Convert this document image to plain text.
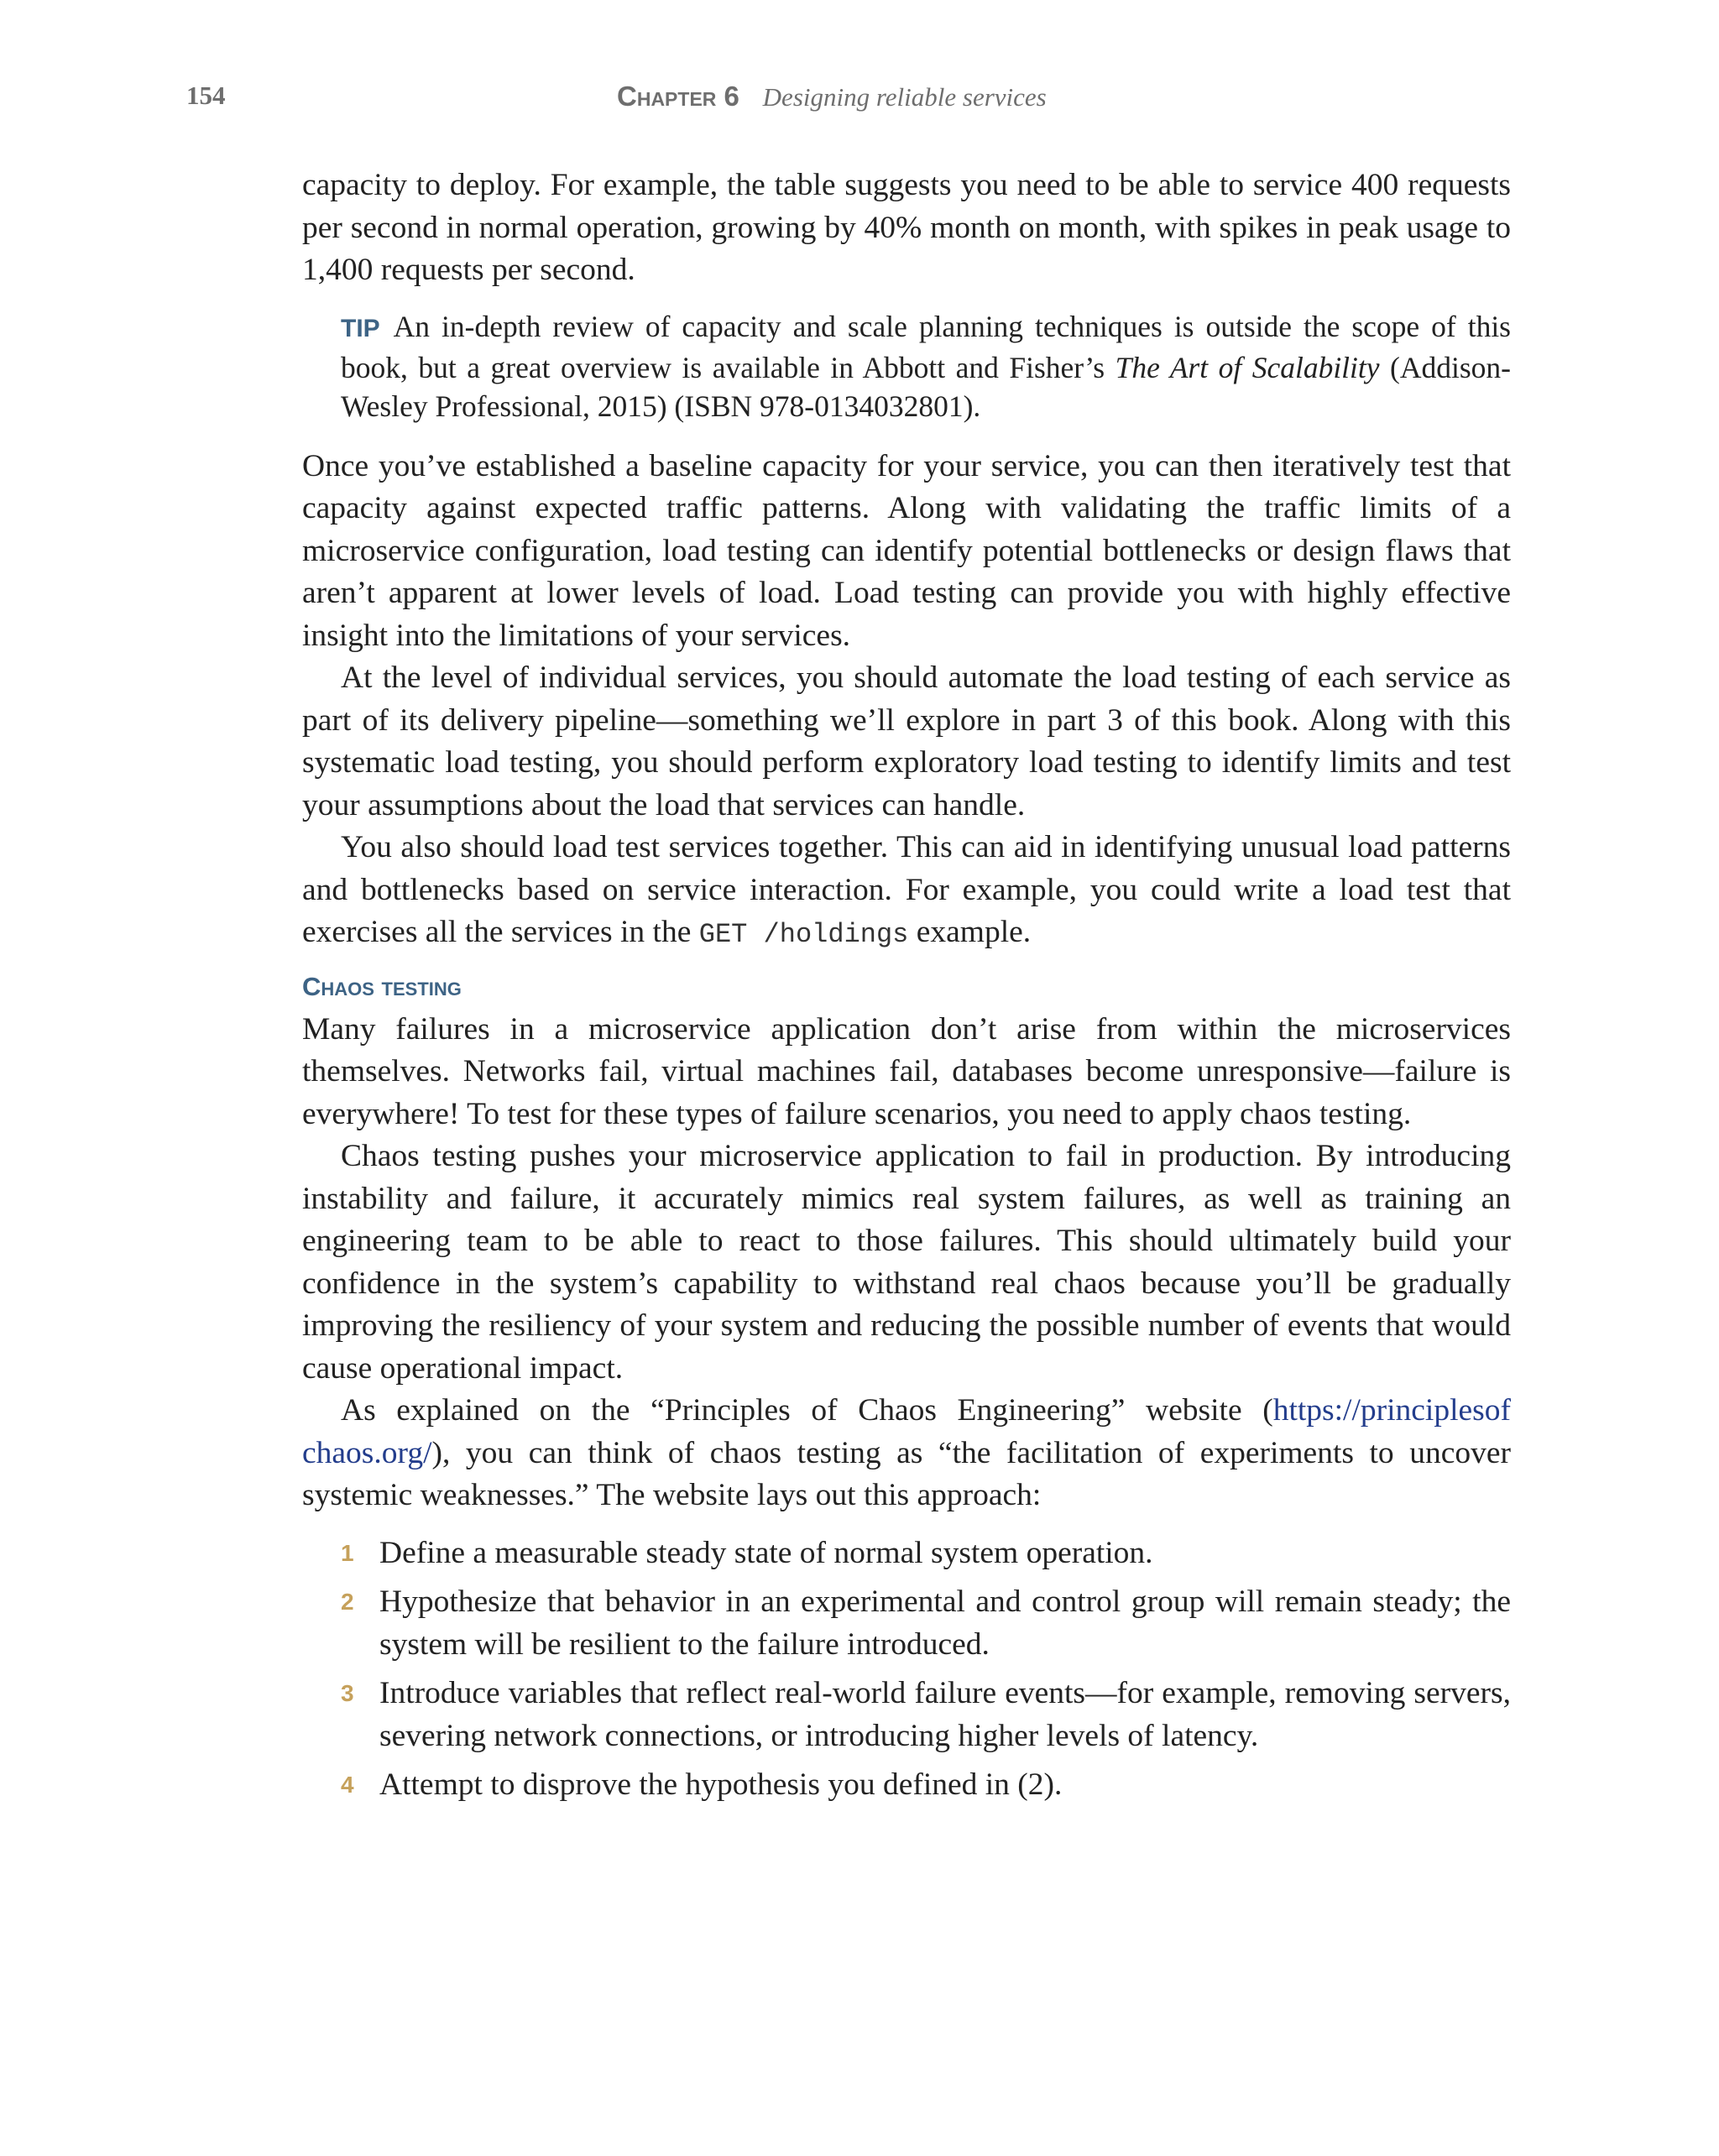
154	Chapter 6 Designing reliable services

capacity to deploy. For example, the table suggests you need to be able to service 400 requests per second in normal operation, growing by 40% month on month, with spikes in peak usage to 1,400 requests per second.

TIP An in-depth review of capacity and scale planning techniques is outside the scope of this book, but a great overview is available in Abbott and Fisher’s The Art of Scalability (Addison-Wesley Professional, 2015) (ISBN 978-0134032801).

Once you’ve established a baseline capacity for your service, you can then iteratively test that capacity against expected traffic patterns. Along with validating the traffic limits of a microservice configuration, load testing can identify potential bottlenecks or design flaws that aren’t apparent at lower levels of load. Load testing can provide you with highly effective insight into the limitations of your services.

At the level of individual services, you should automate the load testing of each service as part of its delivery pipeline—something we’ll explore in part 3 of this book. Along with this systematic load testing, you should perform exploratory load testing to identify limits and test your assumptions about the load that services can handle.

You also should load test services together. This can aid in identifying unusual load patterns and bottlenecks based on service interaction. For example, you could write a load test that exercises all the services in the GET /holdings example.

Chaos testing

Many failures in a microservice application don’t arise from within the microservices themselves. Networks fail, virtual machines fail, databases become unresponsive—failure is everywhere! To test for these types of failure scenarios, you need to apply chaos testing.

Chaos testing pushes your microservice application to fail in production. By introducing instability and failure, it accurately mimics real system failures, as well as training an engineering team to be able to react to those failures. This should ultimately build your confidence in the system’s capability to withstand real chaos because you’ll be gradually improving the resiliency of your system and reducing the possible number of events that would cause operational impact.

As explained on the “Principles of Chaos Engineering” website (https://principlesof​chaos.org/), you can think of chaos testing as “the facilitation of experiments to uncover systemic weaknesses.” The website lays out this approach:

1 Define a measurable steady state of normal system operation.
2 Hypothesize that behavior in an experimental and control group will remain steady; the system will be resilient to the failure introduced.
3 Introduce variables that reflect real-world failure events—for example, removing servers, severing network connections, or introducing higher levels of latency.
4 Attempt to disprove the hypothesis you defined in (2).
